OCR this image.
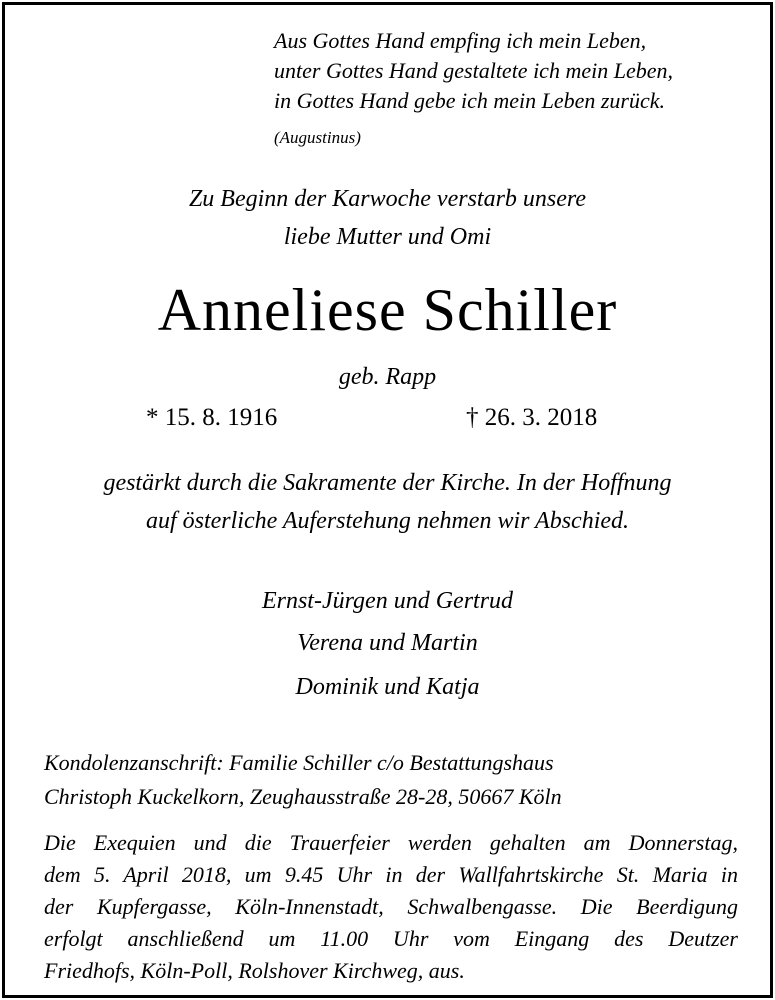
Aus Gottes Hand empfing ich mein Leben,
unter Gottes Hand gestaltete ich mein Leben,
in Gottes Hand gebe ich mein Leben zurück.
(Augustinus)
Zu Beginn der Karwoche verstarb unsere
liebe Mutter und Omi
Anneliese Schiller
geb. Rapp
* 15. 8. 1916	† 26. 3. 2018
gestärkt durch die Sakramente der Kirche. In der Hoffnung
auf österliche Auferstehung nehmen wir Abschied.
Ernst-Jürgen und Gertrud
Verena und Martin
Dominik und Katja
Kondolenzanschrift: Familie Schiller c/o Bestattungshaus
Christoph Kuckelkorn, Zeughausstraße 28-28, 50667 Köln
Die Exequien und die Trauerfeier werden gehalten am Donnerstag,
dem 5. April 2018, um 9.45 Uhr in der Wallfahrtskirche St. Maria in
der Kupfergasse, Köln-Innenstadt, Schwalbengasse. Die Beerdigung
erfolgt anschließend um 11.00 Uhr vom Eingang des Deutzer
Friedhofs, Köln-Poll, Rolshover Kirchweg, aus.
